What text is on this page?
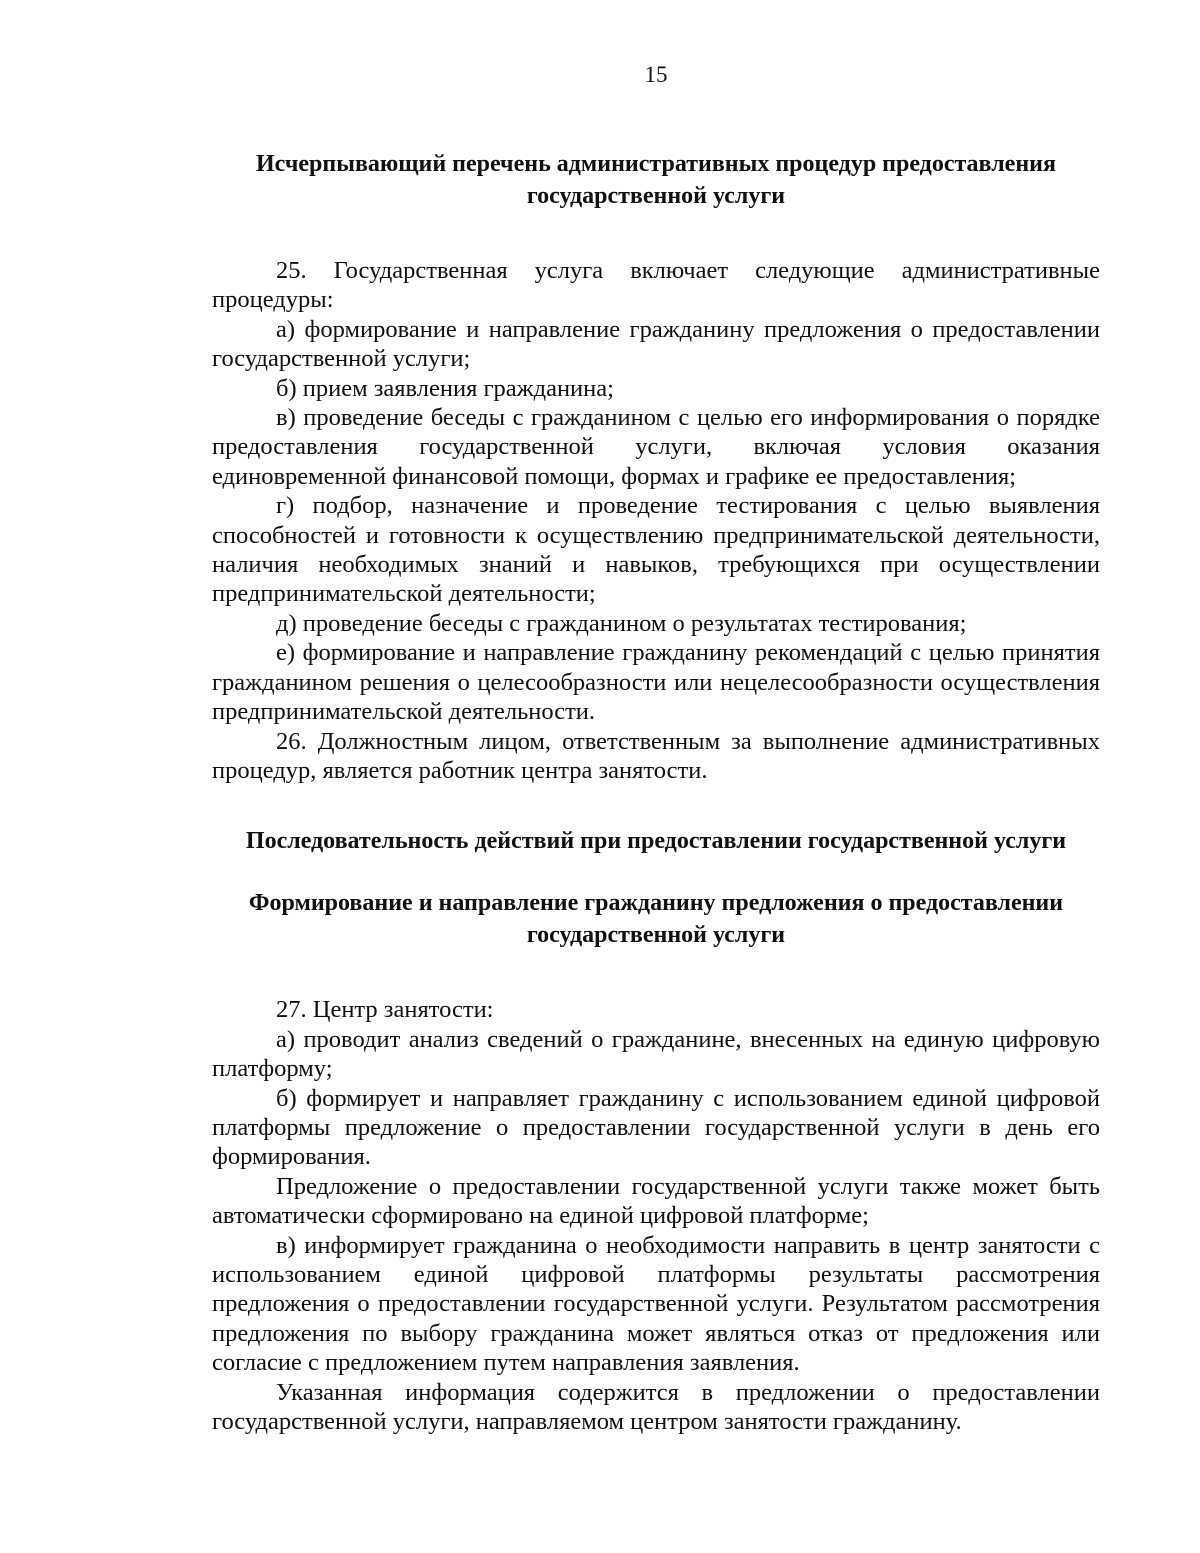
15
Исчерпывающий перечень административных процедур предоставления государственной услуги

25. Государственная услуга включает следующие административные процедуры:

а) формирование и направление гражданину предложения о предоставлении государственной услуги;

б) прием заявления гражданина;

в) проведение беседы с гражданином с целью его информирования о порядке предоставления государственной услуги, включая условия оказания единовременной финансовой помощи, формах и графике ее предоставления;

г) подбор, назначение и проведение тестирования с целью выявления способностей и готовности к осуществлению предпринимательской деятельности, наличия необходимых знаний и навыков, требующихся при осуществлении предпринимательской деятельности;

д) проведение беседы с гражданином о результатах тестирования;

е) формирование и направление гражданину рекомендаций с целью принятия гражданином решения о целесообразности или нецелесообразности осуществления предпринимательской деятельности.

26. Должностным лицом, ответственным за выполнение административных процедур, является работник центра занятости.

Последовательность действий при предоставлении государственной услуги
Формирование и направление гражданину предложения о предоставлении государственной услуги

27. Центр занятости:

а) проводит анализ сведений о гражданине, внесенных на единую цифровую платформу;

б) формирует и направляет гражданину с использованием единой цифровой платформы предложение о предоставлении государственной услуги в день его формирования.

Предложение о предоставлении государственной услуги также может быть автоматически сформировано на единой цифровой платформе;

в) информирует гражданина о необходимости направить в центр занятости с использованием единой цифровой платформы результаты рассмотрения предложения о предоставлении государственной услуги. Результатом рассмотрения предложения по выбору гражданина может являться отказ от предложения или согласие с предложением путем направления заявления.

Указанная информация содержится в предложении о предоставлении государственной услуги, направляемом центром занятости гражданину.
